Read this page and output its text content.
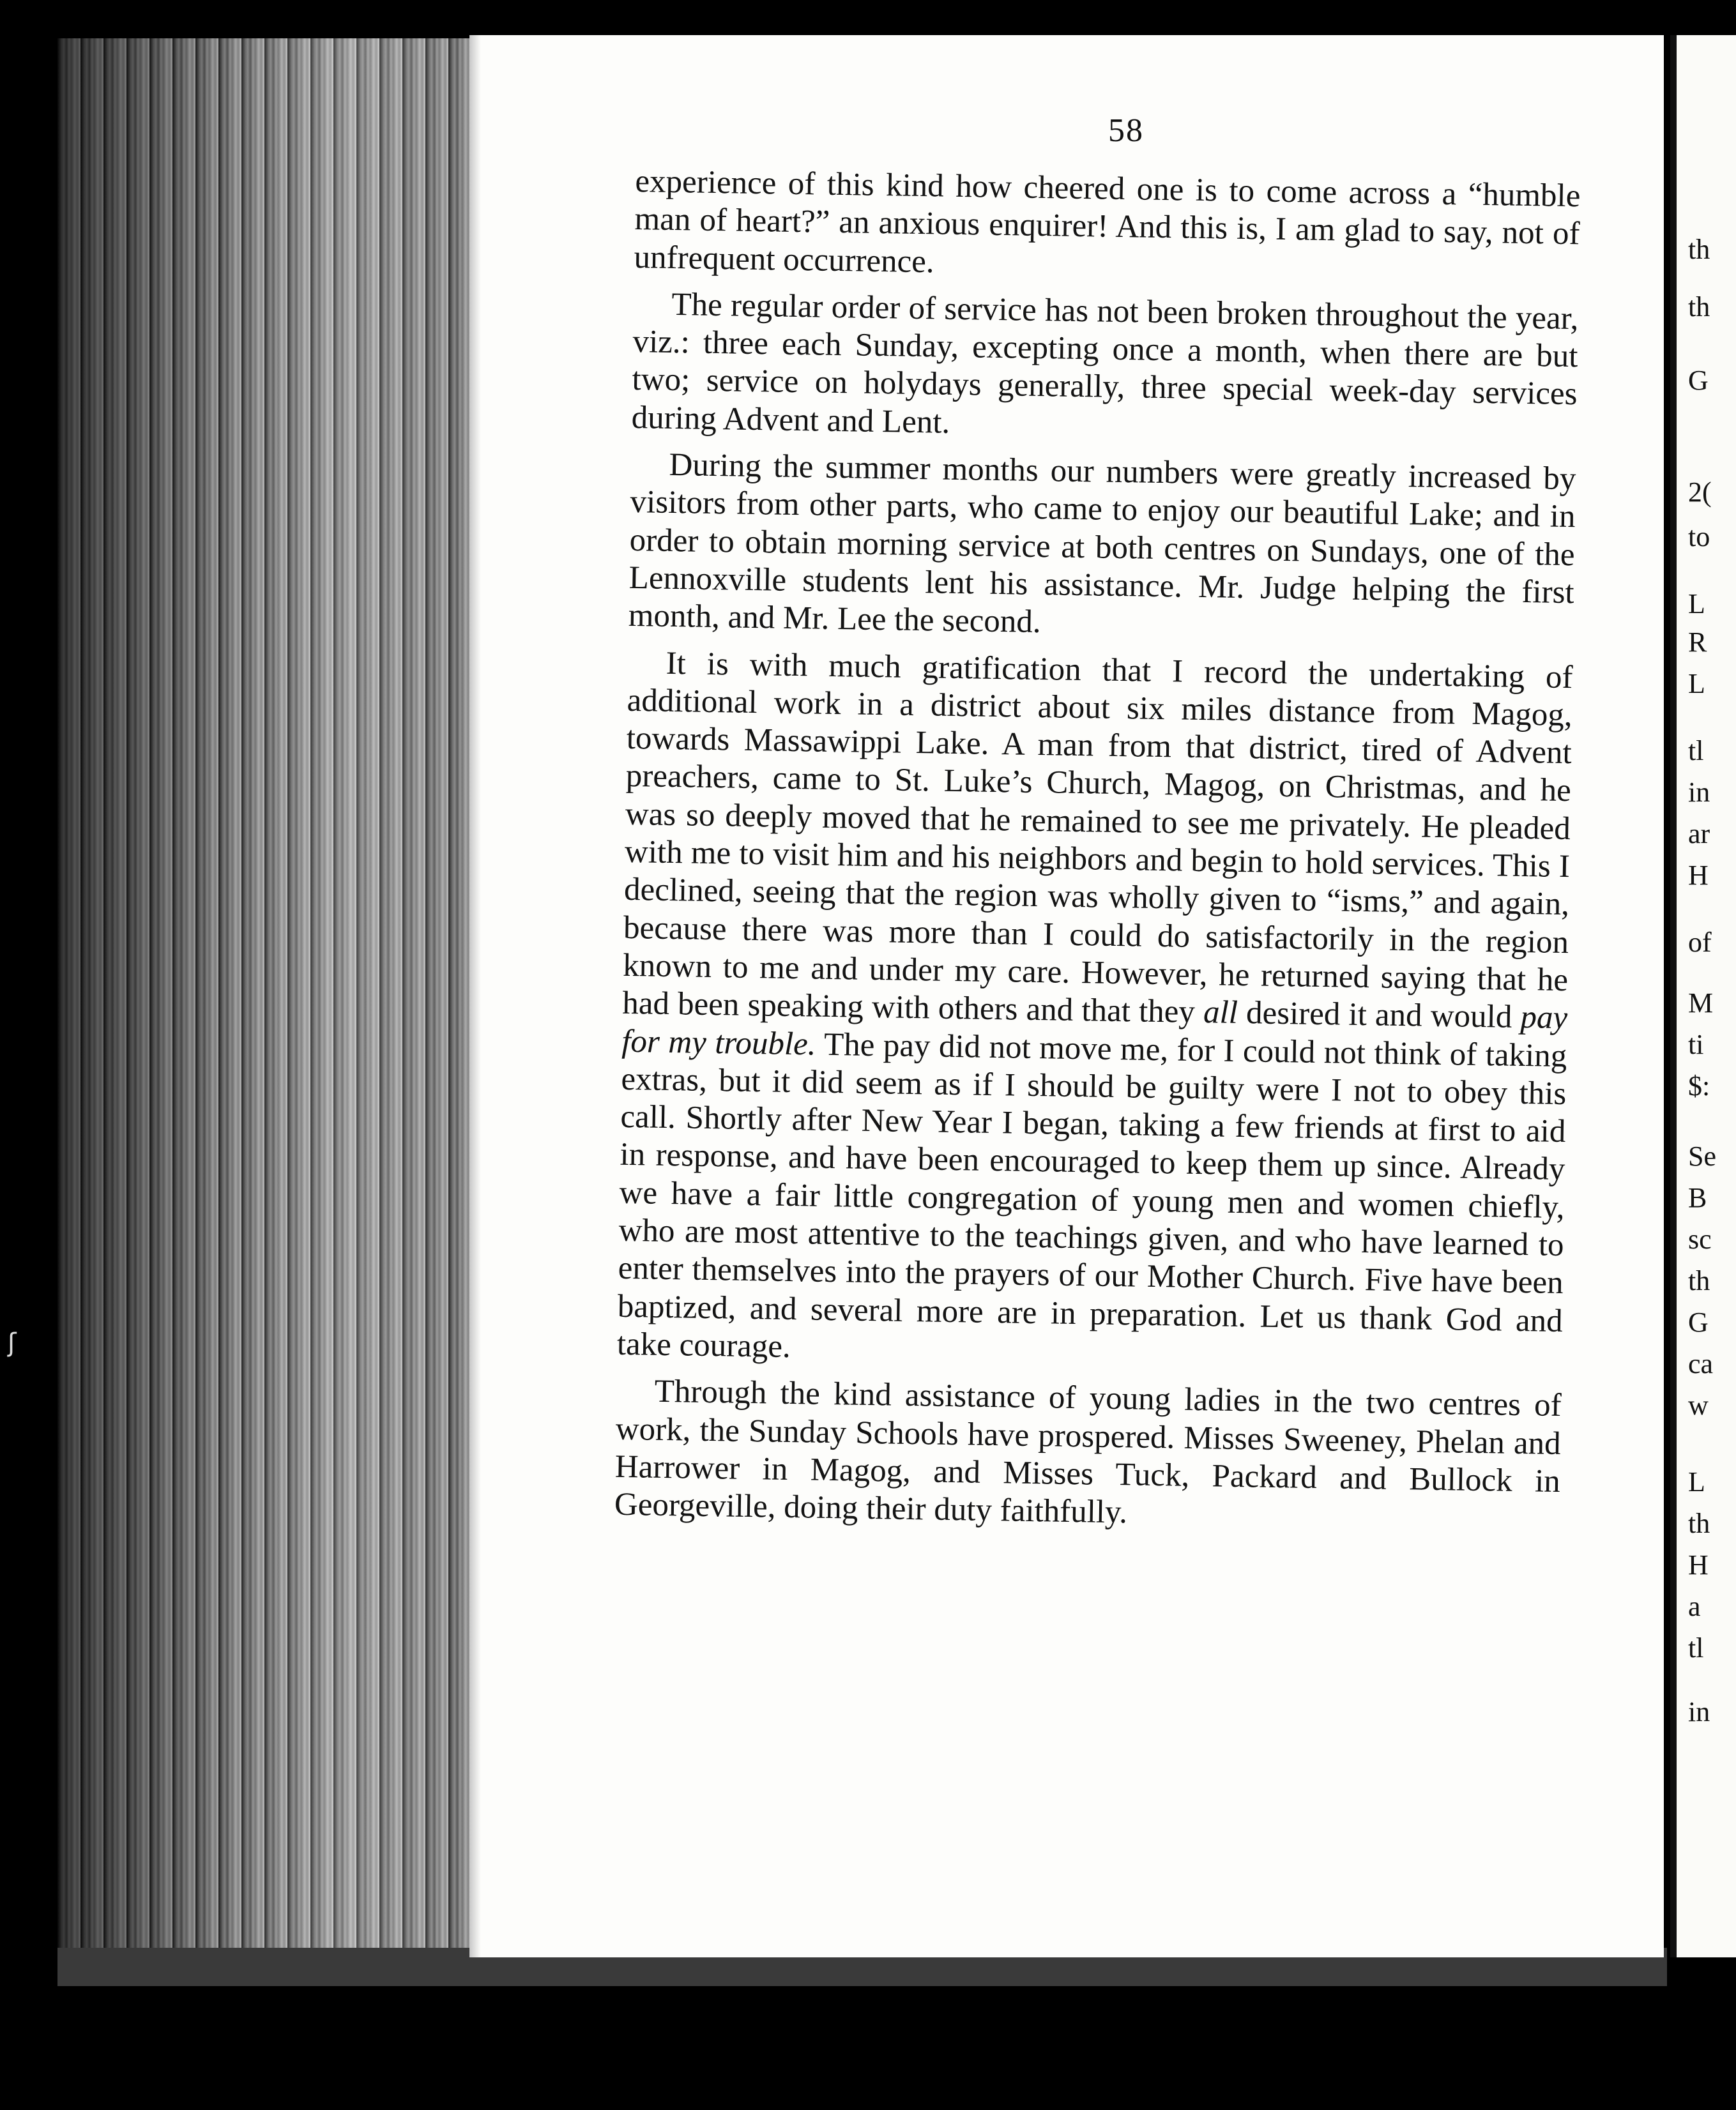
58

experience of this kind how cheered one is to come across a “humble man of heart?” an anxious enquirer! And this is, I am glad to say, not of unfrequent occurrence.

The regular order of service has not been broken throughout the year, viz.: three each Sunday, excepting once a month, when there are but two; service on holydays generally, three special week-day services during Advent and Lent.

During the summer months our numbers were greatly increased by visitors from other parts, who came to enjoy our beautiful Lake; and in order to obtain morning service at both centres on Sundays, one of the Lennoxville students lent his assistance. Mr. Judge helping the first month, and Mr. Lee the second.

It is with much gratification that I record the undertaking of additional work in a district about six miles distance from Magog, towards Massawippi Lake. A man from that district, tired of Advent preachers, came to St. Luke’s Church, Magog, on Christmas, and he was so deeply moved that he remained to see me privately. He pleaded with me to visit him and his neighbors and begin to hold services. This I declined, seeing that the region was wholly given to “isms,” and again, because there was more than I could do satisfactorily in the region known to me and under my care. However, he returned saying that he had been speaking with others and that they all desired it and would pay for my trouble. The pay did not move me, for I could not think of taking extras, but it did seem as if I should be guilty were I not to obey this call. Shortly after New Year I began, taking a few friends at first to aid in response, and have been encouraged to keep them up since. Already we have a fair little congregation of young men and women chiefly, who are most attentive to the teachings given, and who have learned to enter themselves into the prayers of our Mother Church. Five have been baptized, and several more are in preparation. Let us thank God and take courage.

Through the kind assistance of young ladies in the two centres of work, the Sunday Schools have prospered. Misses Sweeney, Phelan and Harrower in Magog, and Misses Tuck, Packard and Bullock in Georgeville, doing their duty faithfully.

th
th
G
2(
to
L
R
L
tl
in
ar
H
of
M
ti
$:
Se
B
sc
th
G
ca
w
L
th
H
a
tl
in
ʃ
